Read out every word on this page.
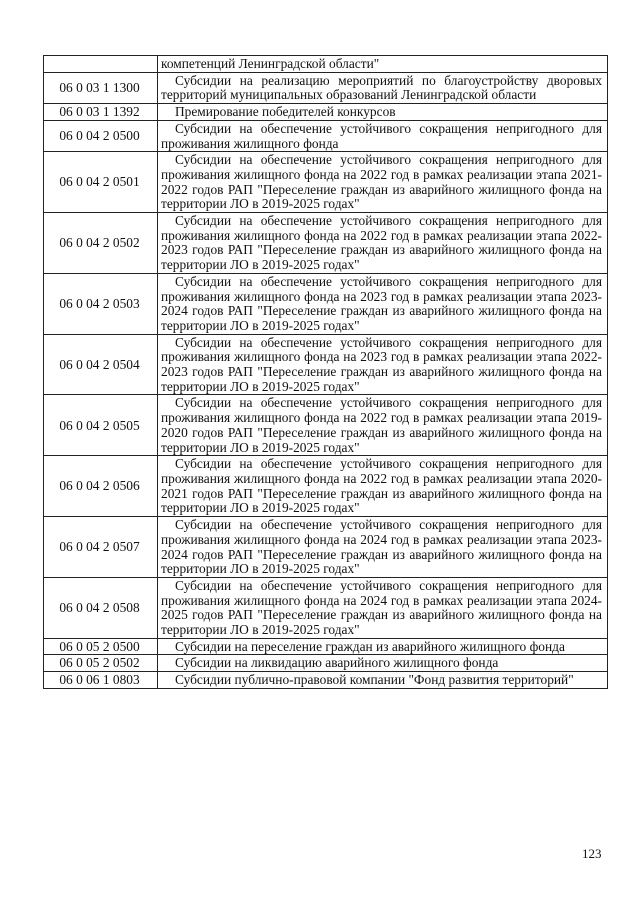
	компетенций Ленинградской области"
06 0 03 1 1300	Субсидии на реализацию мероприятий по благоустройству дворовых территорий муниципальных образований Ленинградской области
06 0 03 1 1392	Премирование победителей конкурсов
06 0 04 2 0500	Субсидии на обеспечение устойчивого сокращения непригодного для проживания жилищного фонда
06 0 04 2 0501	Субсидии на обеспечение устойчивого сокращения непригодного для проживания жилищного фонда на 2022 год в рамках реализации этапа 2021-2022 годов РАП "Переселение граждан из аварийного жилищного фонда на территории ЛО в 2019-2025 годах"
06 0 04 2 0502	Субсидии на обеспечение устойчивого сокращения непригодного для проживания жилищного фонда на 2022 год в рамках реализации этапа 2022-2023 годов РАП "Переселение граждан из аварийного жилищного фонда на территории ЛО в 2019-2025 годах"
06 0 04 2 0503	Субсидии на обеспечение устойчивого сокращения непригодного для проживания жилищного фонда на 2023 год в рамках реализации этапа 2023-2024 годов РАП "Переселение граждан из аварийного жилищного фонда на территории ЛО в 2019-2025 годах"
06 0 04 2 0504	Субсидии на обеспечение устойчивого сокращения непригодного для проживания жилищного фонда на 2023 год в рамках реализации этапа 2022-2023 годов РАП "Переселение граждан из аварийного жилищного фонда на территории ЛО в 2019-2025 годах"
06 0 04 2 0505	Субсидии на обеспечение устойчивого сокращения непригодного для проживания жилищного фонда на 2022 год в рамках реализации этапа 2019-2020 годов РАП "Переселение граждан из аварийного жилищного фонда на территории ЛО в 2019-2025 годах"
06 0 04 2 0506	Субсидии на обеспечение устойчивого сокращения непригодного для проживания жилищного фонда на 2022 год в рамках реализации этапа 2020-2021 годов РАП "Переселение граждан из аварийного жилищного фонда на территории ЛО в 2019-2025 годах"
06 0 04 2 0507	Субсидии на обеспечение устойчивого сокращения непригодного для проживания жилищного фонда на 2024 год в рамках реализации этапа 2023-2024 годов РАП "Переселение граждан из аварийного жилищного фонда на территории ЛО в 2019-2025 годах"
06 0 04 2 0508	Субсидии на обеспечение устойчивого сокращения непригодного для проживания жилищного фонда на 2024 год в рамках реализации этапа 2024-2025 годов РАП "Переселение граждан из аварийного жилищного фонда на территории ЛО в 2019-2025 годах"
06 0 05 2 0500	Субсидии на переселение граждан из аварийного жилищного фонда
06 0 05 2 0502	Субсидии на ликвидацию аварийного жилищного фонда
06 0 06 1 0803	Субсидии публично-правовой компании "Фонд развития территорий"
123
